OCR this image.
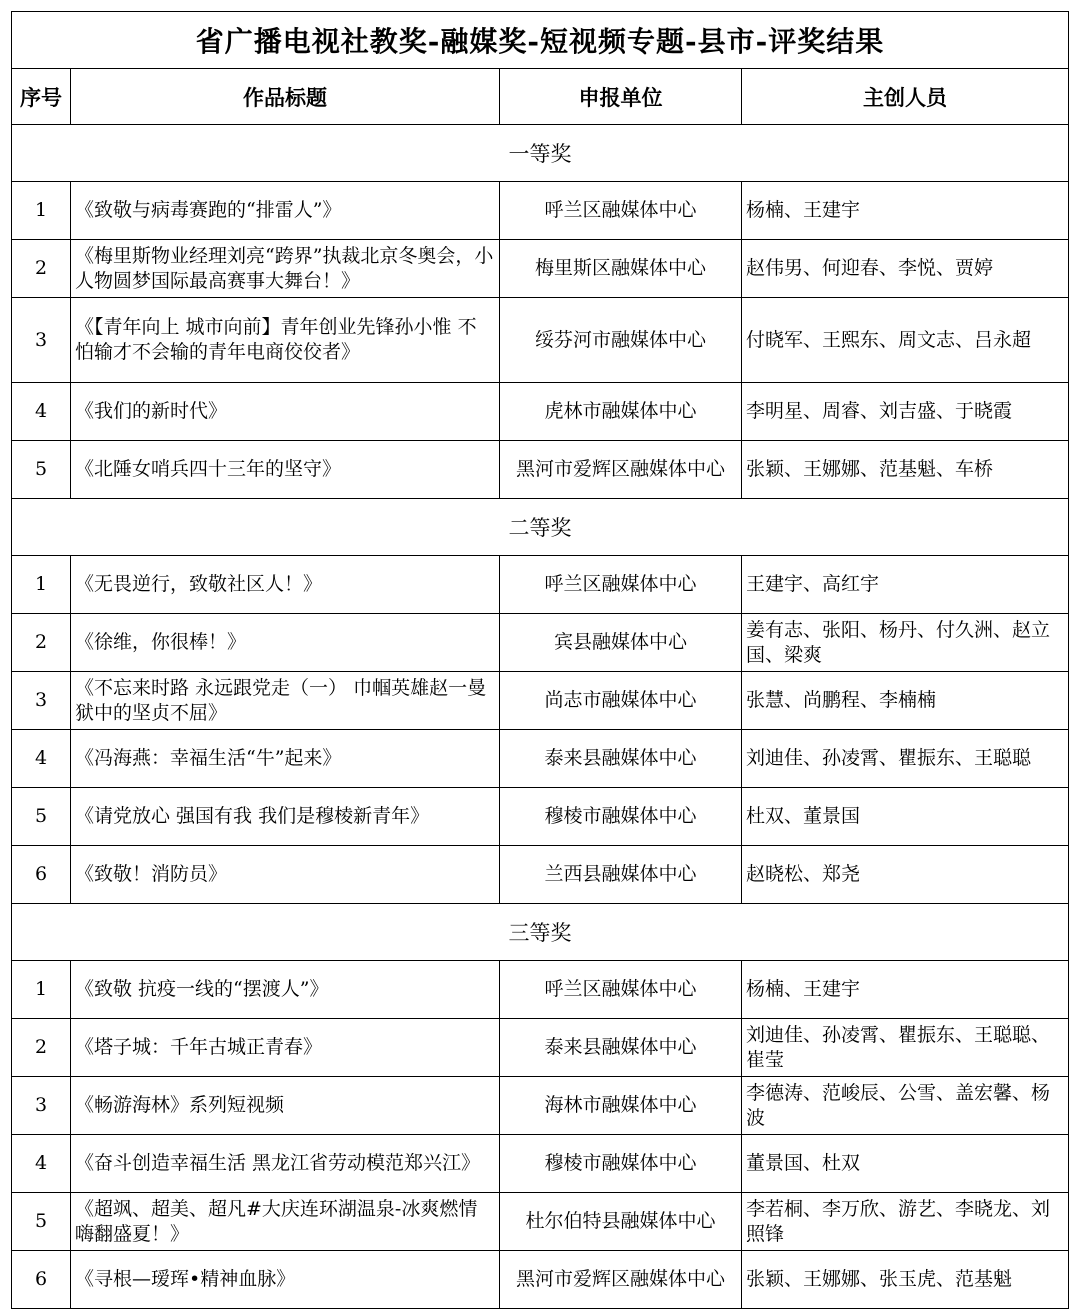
省广播电视社教奖-融媒奖-短视频专题-县市-评奖结果			
序号	作品标题	申报单位	主创人员
一等奖			
1	《致敬与病毒赛跑的“排雷人”》	呼兰区融媒体中心	杨楠、王建宇
2	《梅里斯物业经理刘亮“跨界”执裁北京冬奥会，小人物圆梦国际最高赛事大舞台！》	梅里斯区融媒体中心	赵伟男、何迎春、李悦、贾婷
3	《【青年向上 城市向前】青年创业先锋孙小惟 不怕输才不会输的青年电商佼佼者》	绥芬河市融媒体中心	付晓军、王熙东、周文志、吕永超
4	《我们的新时代》	虎林市融媒体中心	李明星、周睿、刘吉盛、于晓霞
5	《北陲女哨兵四十三年的坚守》	黑河市爱辉区融媒体中心	张颖、王娜娜、范基魁、车桥
二等奖			
1	《无畏逆行，致敬社区人！》	呼兰区融媒体中心	王建宇、高红宇
2	《徐维，你很棒！》	宾县融媒体中心	姜有志、张阳、杨丹、付久洲、赵立国、梁爽
3	《不忘来时路 永远跟党走（一） 巾帼英雄赵一曼狱中的坚贞不屈》	尚志市融媒体中心	张慧、尚鹏程、李楠楠
4	《冯海燕：幸福生活“牛”起来》	泰来县融媒体中心	刘迪佳、孙凌霄、瞿振东、王聪聪
5	《请党放心 强国有我 我们是穆棱新青年》	穆棱市融媒体中心	杜双、董景国
6	《致敬！消防员》	兰西县融媒体中心	赵晓松、郑尧
三等奖			
1	《致敬 抗疫一线的“摆渡人”》	呼兰区融媒体中心	杨楠、王建宇
2	《塔子城：千年古城正青春》	泰来县融媒体中心	刘迪佳、孙凌霄、瞿振东、王聪聪、崔莹
3	《畅游海林》系列短视频	海林市融媒体中心	李德涛、范峻辰、公雪、盖宏馨、杨波
4	《奋斗创造幸福生活 黑龙江省劳动模范郑兴江》	穆棱市融媒体中心	董景国、杜双
5	《超飒、超美、超凡#大庆连环湖温泉-冰爽燃情嗨翻盛夏！》	杜尔伯特县融媒体中心	李若桐、李万欣、游艺、李晓龙、刘照锋
6	《寻根—瑷珲•精神血脉》	黑河市爱辉区融媒体中心	张颖、王娜娜、张玉虎、范基魁
